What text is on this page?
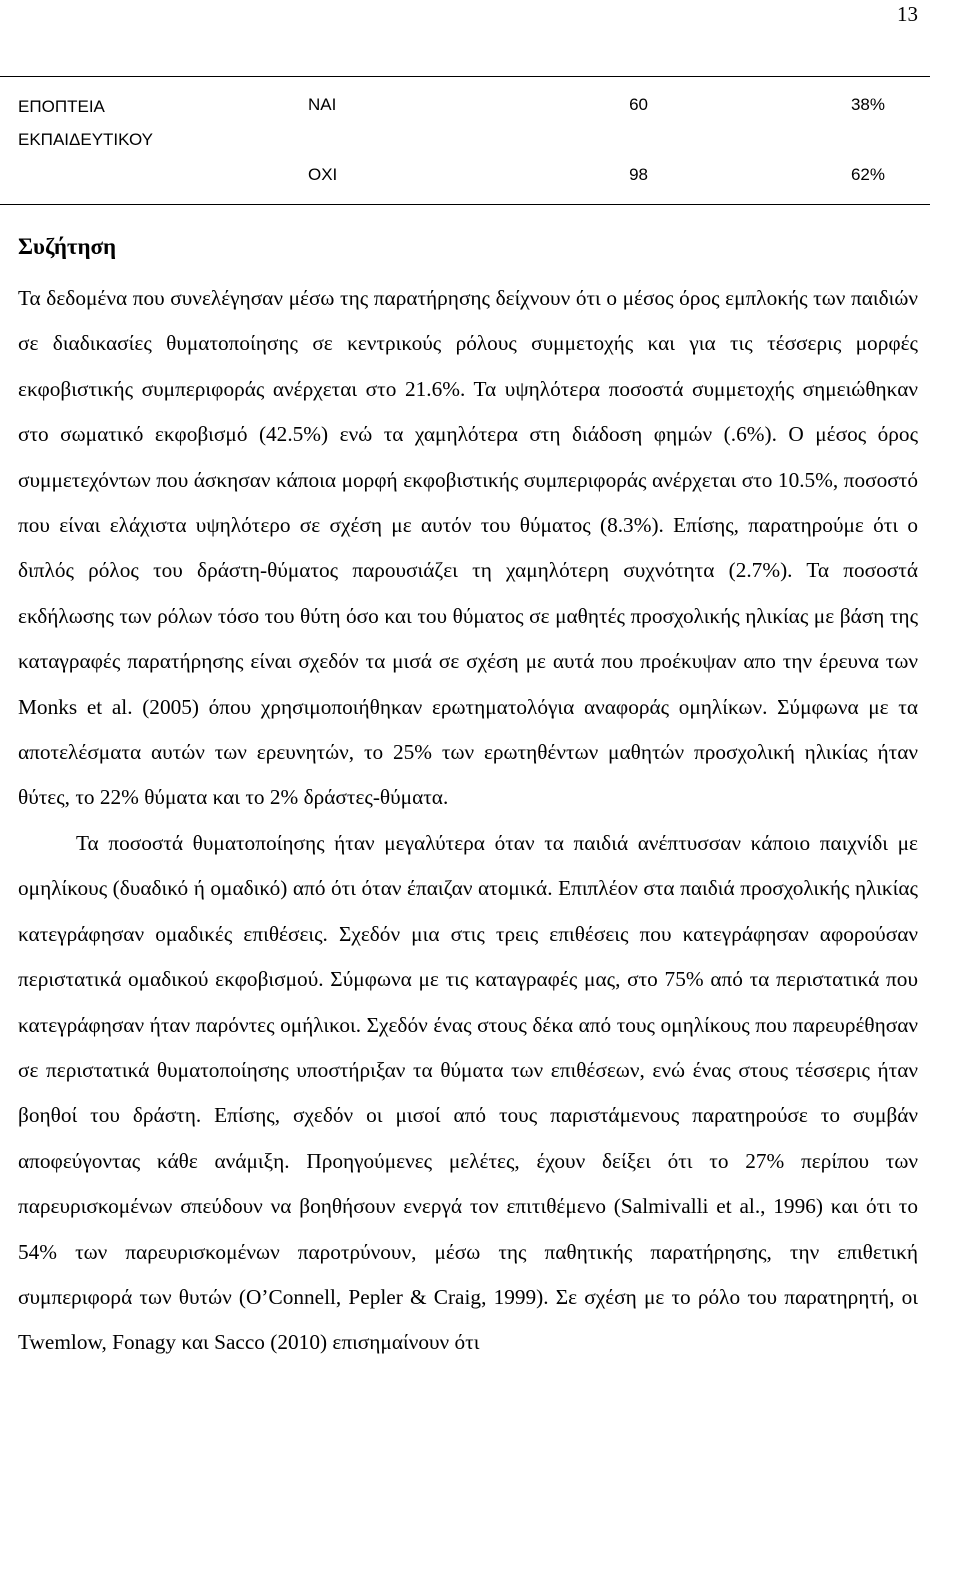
13
ΕΠΟΠΤΕΙΑ
ΕΚΠΑΙΔΕΥΤΙΚΟΥ	ΝΑΙ	60	38%
	ΟΧΙ	98	62%
Συζήτηση

Τα δεδομένα που συνελέγησαν μέσω της παρατήρησης δείχνουν ότι ο μέσος όρος εμπλοκής των παιδιών σε διαδικασίες θυματοποίησης σε κεντρικούς ρόλους συμμετοχής και για τις τέσσερις μορφές εκφοβιστικής συμπεριφοράς ανέρχεται στο 21.6%. Τα υψηλότερα ποσοστά συμμετοχής σημειώθηκαν στο σωματικό εκφοβισμό (42.5%) ενώ τα χαμηλότερα στη διάδοση φημών (.6%). Ο μέσος όρος συμμετεχόντων που άσκησαν κάποια μορφή εκφοβιστικής συμπεριφοράς ανέρχεται στο 10.5%, ποσοστό που είναι ελάχιστα υψηλότερο σε σχέση με αυτόν του θύματος (8.3%). Επίσης, παρατηρούμε ότι ο διπλός ρόλος του δράστη-θύματος παρουσιάζει τη χαμηλότερη συχνότητα (2.7%). Τα ποσοστά εκδήλωσης των ρόλων τόσο του θύτη όσο και του θύματος σε μαθητές προσχολικής ηλικίας με βάση της καταγραφές παρατήρησης είναι σχεδόν τα μισά σε σχέση με αυτά που προέκυψαν απο την έρευνα των Monks et al. (2005) όπου χρησιμοποιήθηκαν ερωτηματολόγια αναφοράς ομηλίκων. Σύμφωνα με τα αποτελέσματα αυτών των ερευνητών, το 25% των ερωτηθέντων μαθητών προσχολική ηλικίας ήταν θύτες, το 22% θύματα και το 2% δράστες-θύματα.

Τα ποσοστά θυματοποίησης ήταν μεγαλύτερα όταν τα παιδιά ανέπτυσσαν κάποιο παιχνίδι με ομηλίκους (δυαδικό ή ομαδικό) από ότι όταν έπαιζαν ατομικά. Επιπλέον στα παιδιά προσχολικής ηλικίας κατεγράφησαν ομαδικές επιθέσεις. Σχεδόν μια στις τρεις επιθέσεις που κατεγράφησαν αφορούσαν περιστατικά ομαδικού εκφοβισμού. Σύμφωνα με τις καταγραφές μας, στο 75% από τα περιστατικά που κατεγράφησαν ήταν παρόντες ομήλικοι. Σχεδόν ένας στους δέκα από τους ομηλίκους που παρευρέθησαν σε περιστατικά θυματοποίησης υποστήριξαν τα θύματα των επιθέσεων, ενώ ένας στους τέσσερις ήταν βοηθοί του δράστη. Επίσης, σχεδόν οι μισοί από τους παριστάμενους παρατηρούσε το συμβάν αποφεύγοντας κάθε ανάμιξη. Προηγούμενες μελέτες, έχουν δείξει ότι το 27% περίπου των παρευρισκομένων σπεύδουν να βοηθήσουν ενεργά τον επιτιθέμενο (Salmivalli et al., 1996) και ότι το 54% των παρευρισκομένων παροτρύνουν, μέσω της παθητικής παρατήρησης, την επιθετική συμπεριφορά των θυτών (O’Connell, Pepler & Craig, 1999). Σε σχέση με το ρόλο του παρατηρητή, οι Twemlow, Fonagy και Sacco (2010) επισημαίνουν ότι
